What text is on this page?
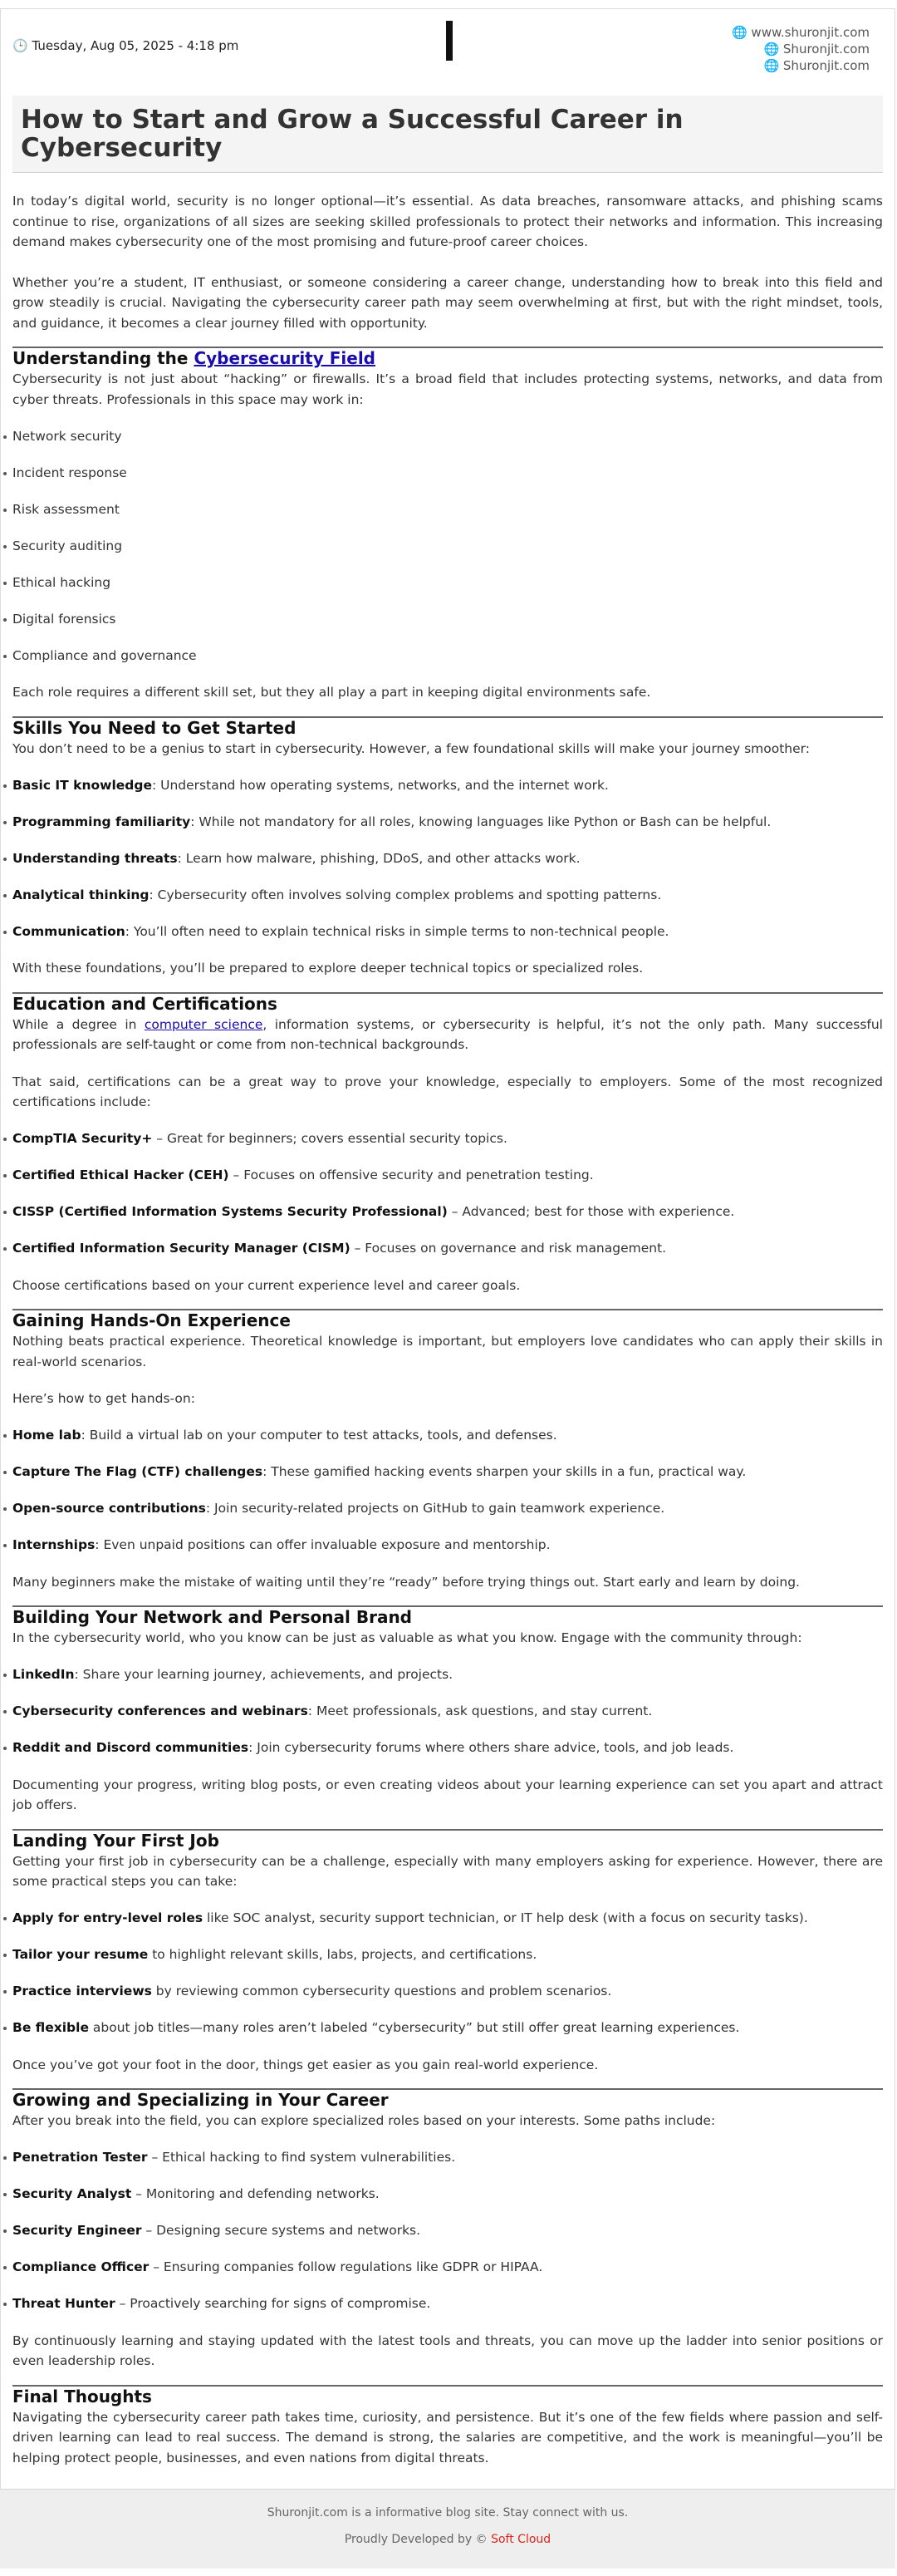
🕒 Tuesday, Aug 05, 2025 - 4:18 pm
🌐 www.shuronjit.com
🌐 Shuronjit.com
🌐 Shuronjit.com
How to Start and Grow a Successful Career in Cybersecurity

In today’s digital world, security is no longer optional—it’s essential. As data breaches, ransomware attacks, and phishing scams continue to rise, organizations of all sizes are seeking skilled professionals to protect their networks and information. This increasing demand makes cybersecurity one of the most promising and future-proof career choices.

Whether you’re a student, IT enthusiast, or someone considering a career change, understanding how to break into this field and grow steadily is crucial. Navigating the cybersecurity career path may seem overwhelming at first, but with the right mindset, tools, and guidance, it becomes a clear journey filled with opportunity.

Understanding the Cybersecurity Field

Cybersecurity is not just about “hacking” or firewalls. It’s a broad field that includes protecting systems, networks, and data from cyber threats. Professionals in this space may work in:

Network security
Incident response
Risk assessment
Security auditing
Ethical hacking
Digital forensics
Compliance and governance

Each role requires a different skill set, but they all play a part in keeping digital environments safe.

Skills You Need to Get Started

You don’t need to be a genius to start in cybersecurity. However, a few foundational skills will make your journey smoother:

Basic IT knowledge: Understand how operating systems, networks, and the internet work.
Programming familiarity: While not mandatory for all roles, knowing languages like Python or Bash can be helpful.
Understanding threats: Learn how malware, phishing, DDoS, and other attacks work.
Analytical thinking: Cybersecurity often involves solving complex problems and spotting patterns.
Communication: You’ll often need to explain technical risks in simple terms to non-technical people.

With these foundations, you’ll be prepared to explore deeper technical topics or specialized roles.

Education and Certifications

While a degree in computer science, information systems, or cybersecurity is helpful, it’s not the only path. Many successful professionals are self-taught or come from non-technical backgrounds.

That said, certifications can be a great way to prove your knowledge, especially to employers. Some of the most recognized certifications include:

CompTIA Security+ – Great for beginners; covers essential security topics.
Certified Ethical Hacker (CEH) – Focuses on offensive security and penetration testing.
CISSP (Certified Information Systems Security Professional) – Advanced; best for those with experience.
Certified Information Security Manager (CISM) – Focuses on governance and risk management.

Choose certifications based on your current experience level and career goals.

Gaining Hands-On Experience

Nothing beats practical experience. Theoretical knowledge is important, but employers love candidates who can apply their skills in real-world scenarios.

Here’s how to get hands-on:

Home lab: Build a virtual lab on your computer to test attacks, tools, and defenses.
Capture The Flag (CTF) challenges: These gamified hacking events sharpen your skills in a fun, practical way.
Open-source contributions: Join security-related projects on GitHub to gain teamwork experience.
Internships: Even unpaid positions can offer invaluable exposure and mentorship.

Many beginners make the mistake of waiting until they’re “ready” before trying things out. Start early and learn by doing.

Building Your Network and Personal Brand

In the cybersecurity world, who you know can be just as valuable as what you know. Engage with the community through:

LinkedIn: Share your learning journey, achievements, and projects.
Cybersecurity conferences and webinars: Meet professionals, ask questions, and stay current.
Reddit and Discord communities: Join cybersecurity forums where others share advice, tools, and job leads.

Documenting your progress, writing blog posts, or even creating videos about your learning experience can set you apart and attract job offers.

Landing Your First Job

Getting your first job in cybersecurity can be a challenge, especially with many employers asking for experience. However, there are some practical steps you can take:

Apply for entry-level roles like SOC analyst, security support technician, or IT help desk (with a focus on security tasks).
Tailor your resume to highlight relevant skills, labs, projects, and certifications.
Practice interviews by reviewing common cybersecurity questions and problem scenarios.
Be flexible about job titles—many roles aren’t labeled “cybersecurity” but still offer great learning experiences.

Once you’ve got your foot in the door, things get easier as you gain real-world experience.

Growing and Specializing in Your Career

After you break into the field, you can explore specialized roles based on your interests. Some paths include:

Penetration Tester – Ethical hacking to find system vulnerabilities.
Security Analyst – Monitoring and defending networks.
Security Engineer – Designing secure systems and networks.
Compliance Officer – Ensuring companies follow regulations like GDPR or HIPAA.
Threat Hunter – Proactively searching for signs of compromise.

By continuously learning and staying updated with the latest tools and threats, you can move up the ladder into senior positions or even leadership roles.

Final Thoughts

Navigating the cybersecurity career path takes time, curiosity, and persistence. But it’s one of the few fields where passion and self-driven learning can lead to real success. The demand is strong, the salaries are competitive, and the work is meaningful—you’ll be helping protect people, businesses, and even nations from digital threats.

Shuronjit.com is a informative blog site. Stay connect with us.
Proudly Developed by © Soft Cloud
